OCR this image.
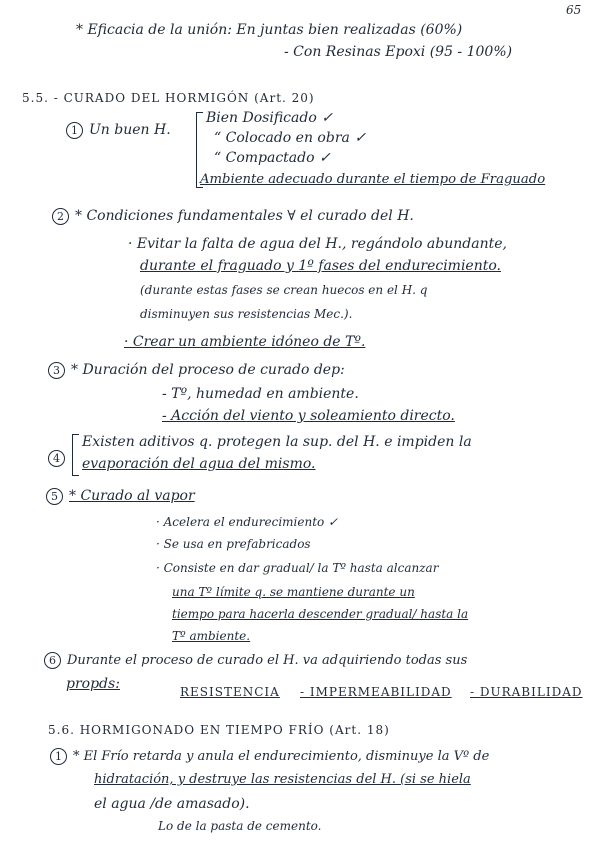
65
* Eficacia de la unión: En juntas bien realizadas (60%)
- Con Resinas Epoxi (95 - 100%)
5.5. - CURADO DEL HORMIGÓN (Art. 20)
1 Un buen H.
Bien Dosificado ✓
“ Colocado en obra ✓
“ Compactado ✓
Ambiente adecuado durante el tiempo de Fraguado
2 * Condiciones fundamentales ∀ el curado del H.
· Evitar la falta de agua del H., regándolo abundante,
durante el fraguado y 1º fases del endurecimiento.
(durante estas fases se crean huecos en el H. q
disminuyen sus resistencias Mec.).
· Crear un ambiente idóneo de Tº.
3 * Duración del proceso de curado dep:
- Tº, humedad en ambiente.
- Acción del viento y soleamiento directo.
4
Existen aditivos q. protegen la sup. del H. e impiden la
evaporación del agua del mismo.
5 * Curado al vapor
· Acelera el endurecimiento ✓
· Se usa en prefabricados
· Consiste en dar gradual/ la Tº hasta alcanzar
una Tº límite q. se mantiene durante un
tiempo para hacerla descender gradual/ hasta la
Tº ambiente.
6 Durante el proceso de curado el H. va adquiriendo todas sus
propds:	RESISTENCIA - IMPERMEABILIDAD - DURABILIDAD
5.6. HORMIGONADO EN TIEMPO FRÍO (Art. 18)
1 * El Frío retarda y anula el endurecimiento, disminuye la Vº de
hidratación, y destruye las resistencias del H. (si se hiela
el agua /de amasado).
Lo de la pasta de cemento.
